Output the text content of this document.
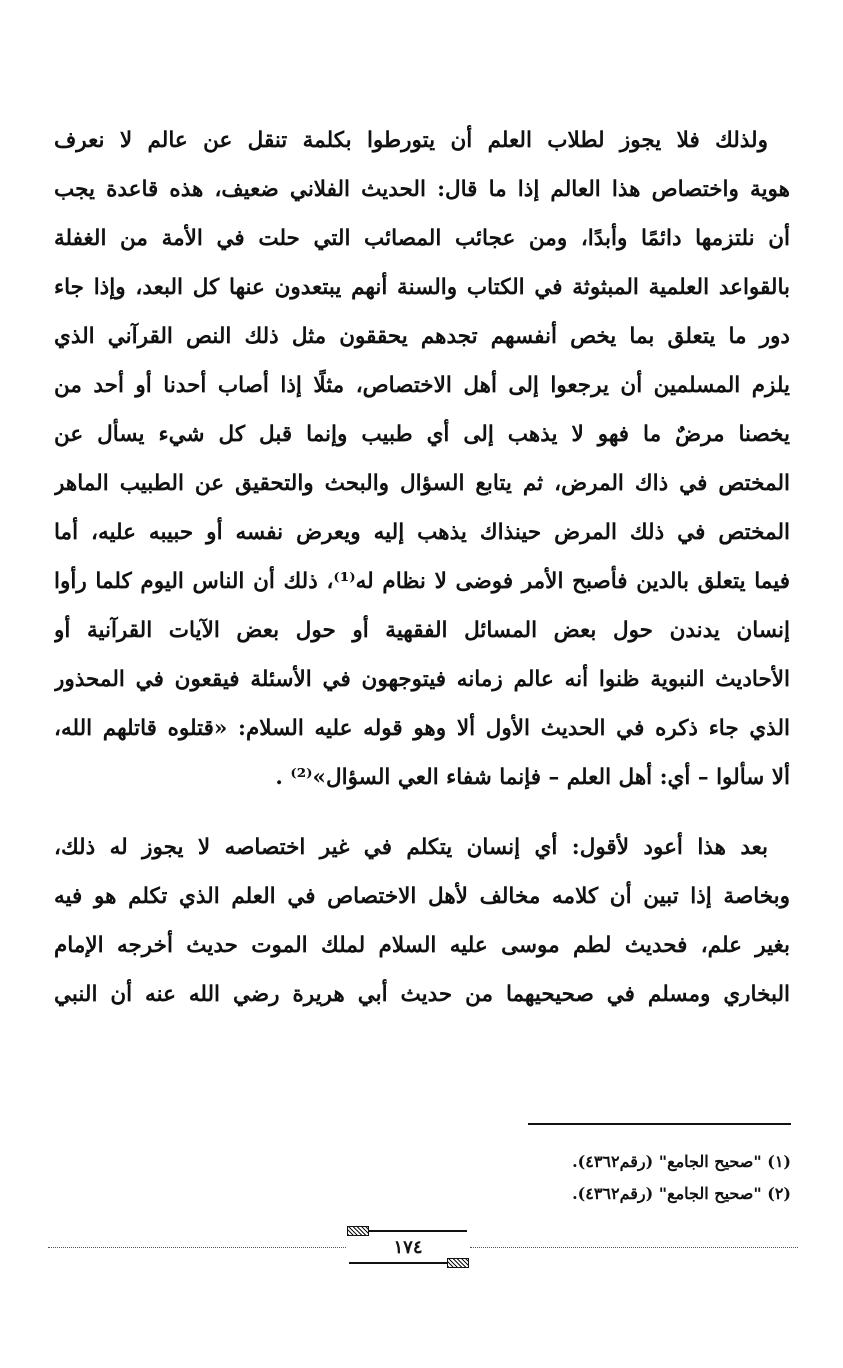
ولذلك فلا يجوز لطلاب العلم أن يتورطوا بكلمة تنقل عن عالم لا نعرف
هوية واختصاص هذا العالم إذا ما قال: الحديث الفلاني ضعيف، هذه قاعدة يجب
أن نلتزمها دائمًا وأبدًا، ومن عجائب المصائب التي حلت في الأمة من الغفلة
بالقواعد العلمية المبثوثة في الكتاب والسنة أنهم يبتعدون عنها كل البعد، وإذا جاء
دور ما يتعلق بما يخص أنفسهم تجدهم يحققون مثل ذلك النص القرآني الذي
يلزم المسلمين أن يرجعوا إلى أهل الاختصاص، مثلًا إذا أصاب أحدنا أو أحد من
يخصنا مرضٌ ما فهو لا يذهب إلى أي طبيب وإنما قبل كل شيء يسأل عن
المختص في ذاك المرض، ثم يتابع السؤال والبحث والتحقيق عن الطبيب الماهر
المختص في ذلك المرض حينذاك يذهب إليه ويعرض نفسه أو حبيبه عليه، أما
فيما يتعلق بالدين فأصبح الأمر فوضى لا نظام له⁽¹⁾، ذلك أن الناس اليوم كلما رأوا
إنسان يدندن حول بعض المسائل الفقهية أو حول بعض الآيات القرآنية أو
الأحاديث النبوية ظنوا أنه عالم زمانه فيتوجهون في الأسئلة فيقعون في المحذور
الذي جاء ذكره في الحديث الأول ألا وهو قوله عليه السلام: «قتلوه قاتلهم الله،
ألا سألوا – أي: أهل العلم – فإنما شفاء العي السؤال»⁽²⁾ .
بعد هذا أعود لأقول: أي إنسان يتكلم في غير اختصاصه لا يجوز له ذلك،
وبخاصة إذا تبين أن كلامه مخالف لأهل الاختصاص في العلم الذي تكلم هو فيه
بغير علم، فحديث لطم موسى عليه السلام لملك الموت حديث أخرجه الإمام
البخاري ومسلم في صحيحيهما من حديث أبي هريرة رضي الله عنه أن النبي
(١) "صحيح الجامع" (رقم٤٣٦٢).
(٢) "صحيح الجامع" (رقم٤٣٦٢).
١٧٤
